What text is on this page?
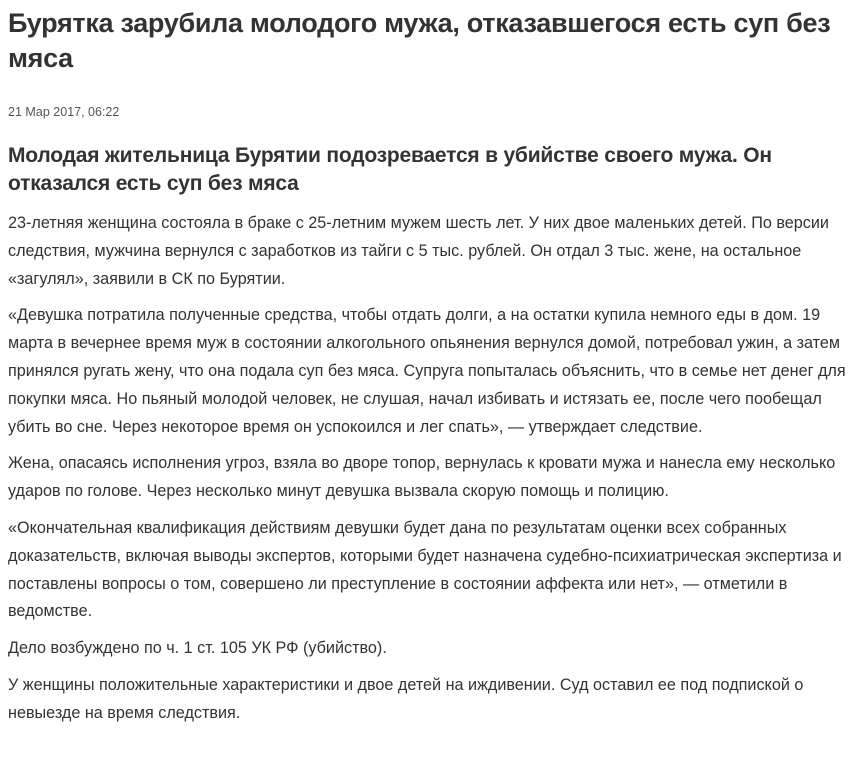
Бурятка зарубила молодого мужа, отказавшегося есть суп без мяса
21 Мар 2017, 06:22
Молодая жительница Бурятии подозревается в убийстве своего мужа. Он отказался есть суп без мяса

23-летняя женщина состояла в браке с 25-летним мужем шесть лет. У них двое маленьких детей. По версии следствия, мужчина вернулся с заработков из тайги с 5 тыс. рублей. Он отдал 3 тыс. жене, на остальное «загулял», заявили в СК по Бурятии.

«Девушка потратила полученные средства, чтобы отдать долги, а на остатки купила немного еды в дом. 19 марта в вечернее время муж в состоянии алкогольного опьянения вернулся домой, потребовал ужин, а затем принялся ругать жену, что она подала суп без мяса. Супруга попыталась объяснить, что в семье нет денег для покупки мяса. Но пьяный молодой человек, не слушая, начал избивать и истязать ее, после чего пообещал убить во сне. Через некоторое время он успокоился и лег спать», — утверждает следствие.

Жена, опасаясь исполнения угроз, взяла во дворе топор, вернулась к кровати мужа и нанесла ему несколько ударов по голове. Через несколько минут девушка вызвала скорую помощь и полицию.

«Окончательная квалификация действиям девушки будет дана по результатам оценки всех собранных доказательств, включая выводы экспертов, которыми будет назначена судебно-психиатрическая экспертиза и поставлены вопросы о том, совершено ли преступление в состоянии аффекта или нет», — отметили в ведомстве.

Дело возбуждено по ч. 1 ст. 105 УК РФ (убийство).

У женщины положительные характеристики и двое детей на иждивении. Суд оставил ее под подпиской о невыезде на время следствия.
